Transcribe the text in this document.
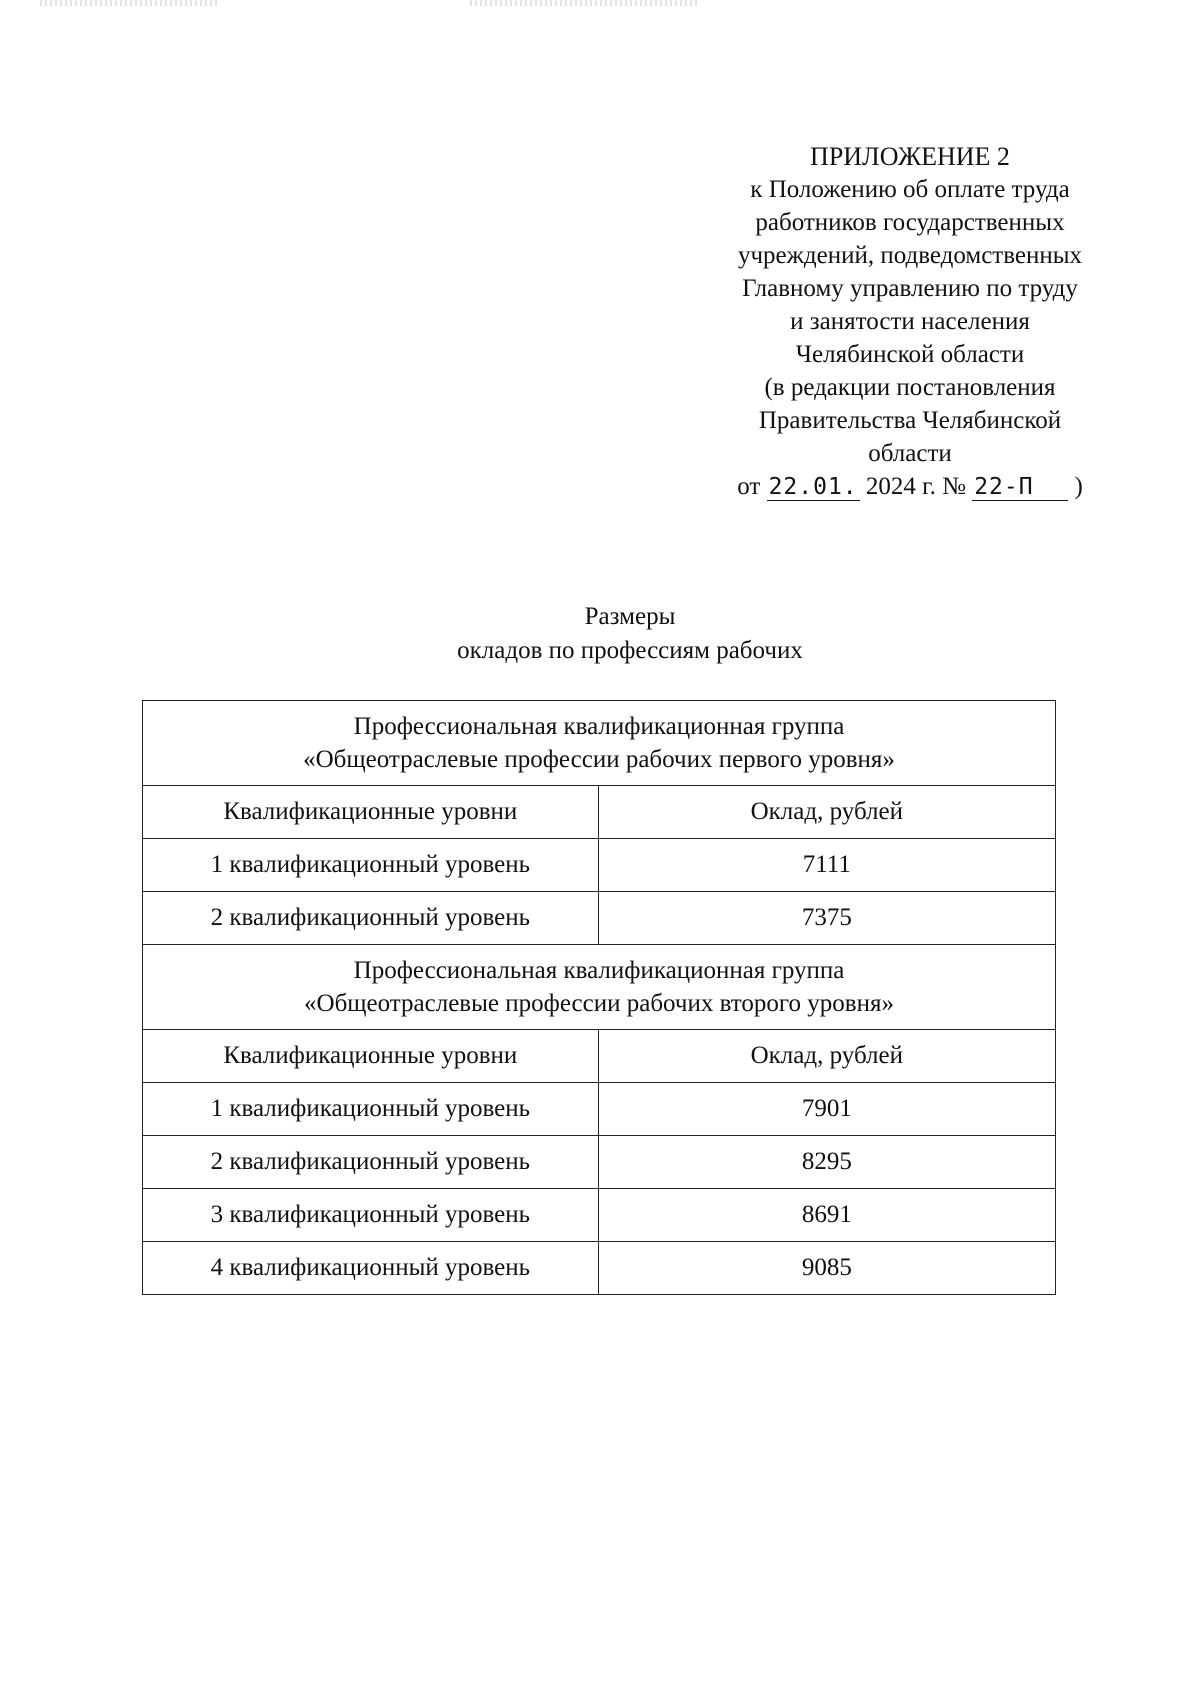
ПРИЛОЖЕНИЕ 2
к Положению об оплате труда
работников государственных
учреждений, подведомственных
Главному управлению по труду
и занятости населения
Челябинской области
(в редакции постановления
Правительства Челябинской
области
от 22.01. 2024 г. № 22-П )
Размеры
окладов по профессиям рабочих
Профессиональная квалификационная группа
«Общеотраслевые профессии рабочих первого уровня»	

Квалификационные уровни	Оклад, рублей
1 квалификационный уровень	7111
2 квалификационный уровень	7375

Профессиональная квалификационная группа
«Общеотраслевые профессии рабочих второго уровня»	

Квалификационные уровни	Оклад, рублей
1 квалификационный уровень	7901
2 квалификационный уровень	8295
3 квалификационный уровень	8691
4 квалификационный уровень	9085
